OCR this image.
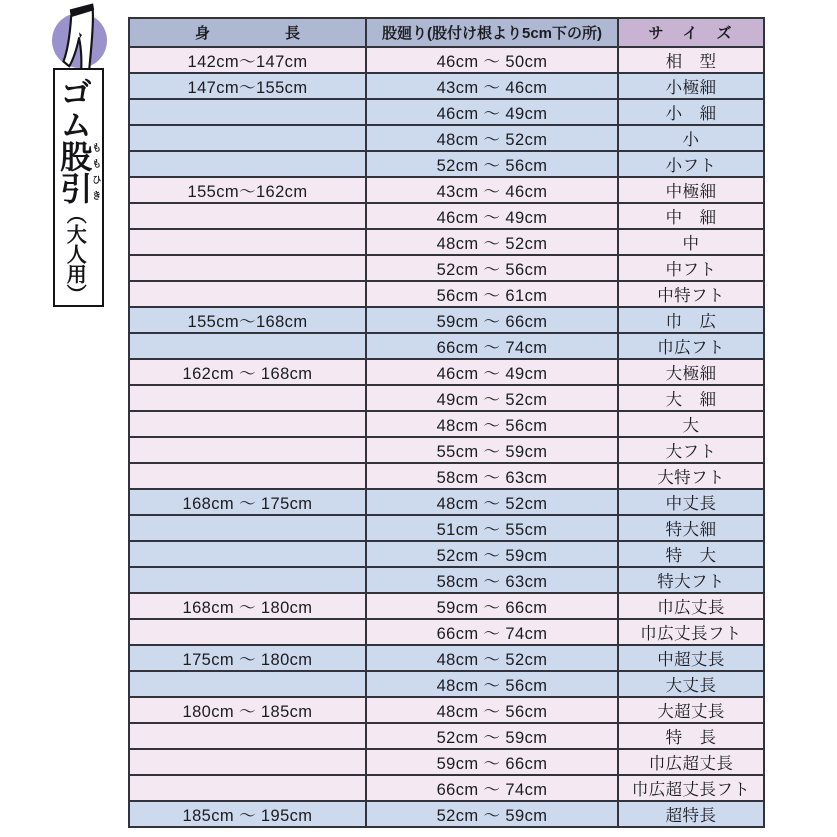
ゴム股引ももひき（大人用）
身　　　　　長	股廻り(股付け根より5cm下の所)	サ　イ　ズ
142cm〜147cm	46cm 〜 50cm	相　型
147cm〜155cm	43cm 〜 46cm	小極細
	46cm 〜 49cm	小　細
	48cm 〜 52cm	小
	52cm 〜 56cm	小フト
155cm〜162cm	43cm 〜 46cm	中極細
	46cm 〜 49cm	中　細
	48cm 〜 52cm	中
	52cm 〜 56cm	中フト
	56cm 〜 61cm	中特フト
155cm〜168cm	59cm 〜 66cm	巾　広
	66cm 〜 74cm	巾広フト
162cm 〜 168cm	46cm 〜 49cm	大極細
	49cm 〜 52cm	大　細
	48cm 〜 56cm	大
	55cm 〜 59cm	大フト
	58cm 〜 63cm	大特フト
168cm 〜 175cm	48cm 〜 52cm	中丈長
	51cm 〜 55cm	特大細
	52cm 〜 59cm	特　大
	58cm 〜 63cm	特大フト
168cm 〜 180cm	59cm 〜 66cm	巾広丈長
	66cm 〜 74cm	巾広丈長フト
175cm 〜 180cm	48cm 〜 52cm	中超丈長
	48cm 〜 56cm	大丈長
180cm 〜 185cm	48cm 〜 56cm	大超丈長
	52cm 〜 59cm	特　長
	59cm 〜 66cm	巾広超丈長
	66cm 〜 74cm	巾広超丈長フト
185cm 〜 195cm	52cm 〜 59cm	超特長
